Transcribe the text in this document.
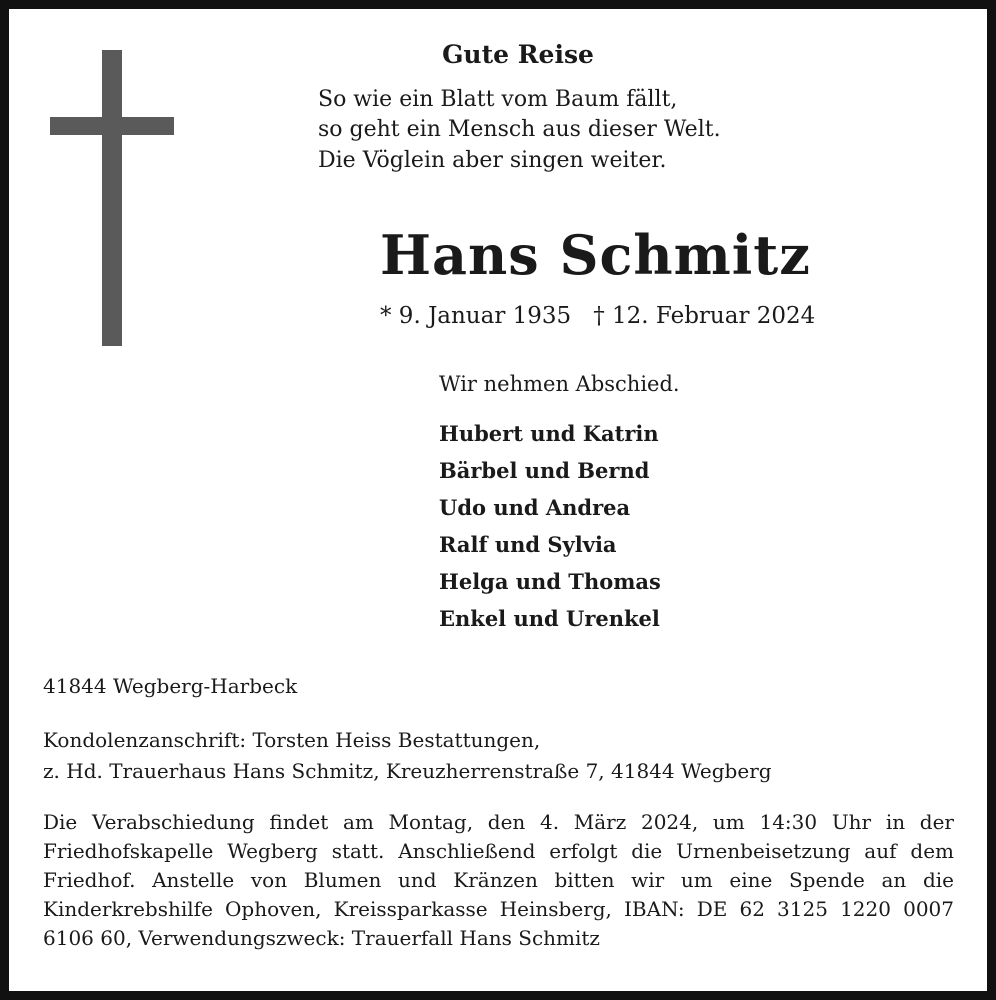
Gute Reise
So wie ein Blatt vom Baum fällt,
so geht ein Mensch aus dieser Welt.
Die Vöglein aber singen weiter.
Hans Schmitz
* 9. Januar 1935 † 12. Februar 2024
Wir nehmen Abschied.
Hubert und Katrin
Bärbel und Bernd
Udo und Andrea
Ralf und Sylvia
Helga und Thomas
Enkel und Urenkel
41844 Wegberg-Harbeck
Kondolenzanschrift: Torsten Heiss Bestattungen,
z. Hd. Trauerhaus Hans Schmitz, Kreuzherrenstraße 7, 41844 Wegberg
Die Verabschiedung findet am Montag, den 4. März 2024, um 14:30 Uhr in der Friedhofskapelle Wegberg statt. Anschließend erfolgt die Urnenbeisetzung auf dem Friedhof. Anstelle von Blumen und Kränzen bitten wir um eine Spende an die Kinderkrebshilfe Ophoven, Kreissparkasse Heinsberg, IBAN: DE 62 3125 1220 0007 6106 60, Verwendungszweck: Trauerfall Hans Schmitz
